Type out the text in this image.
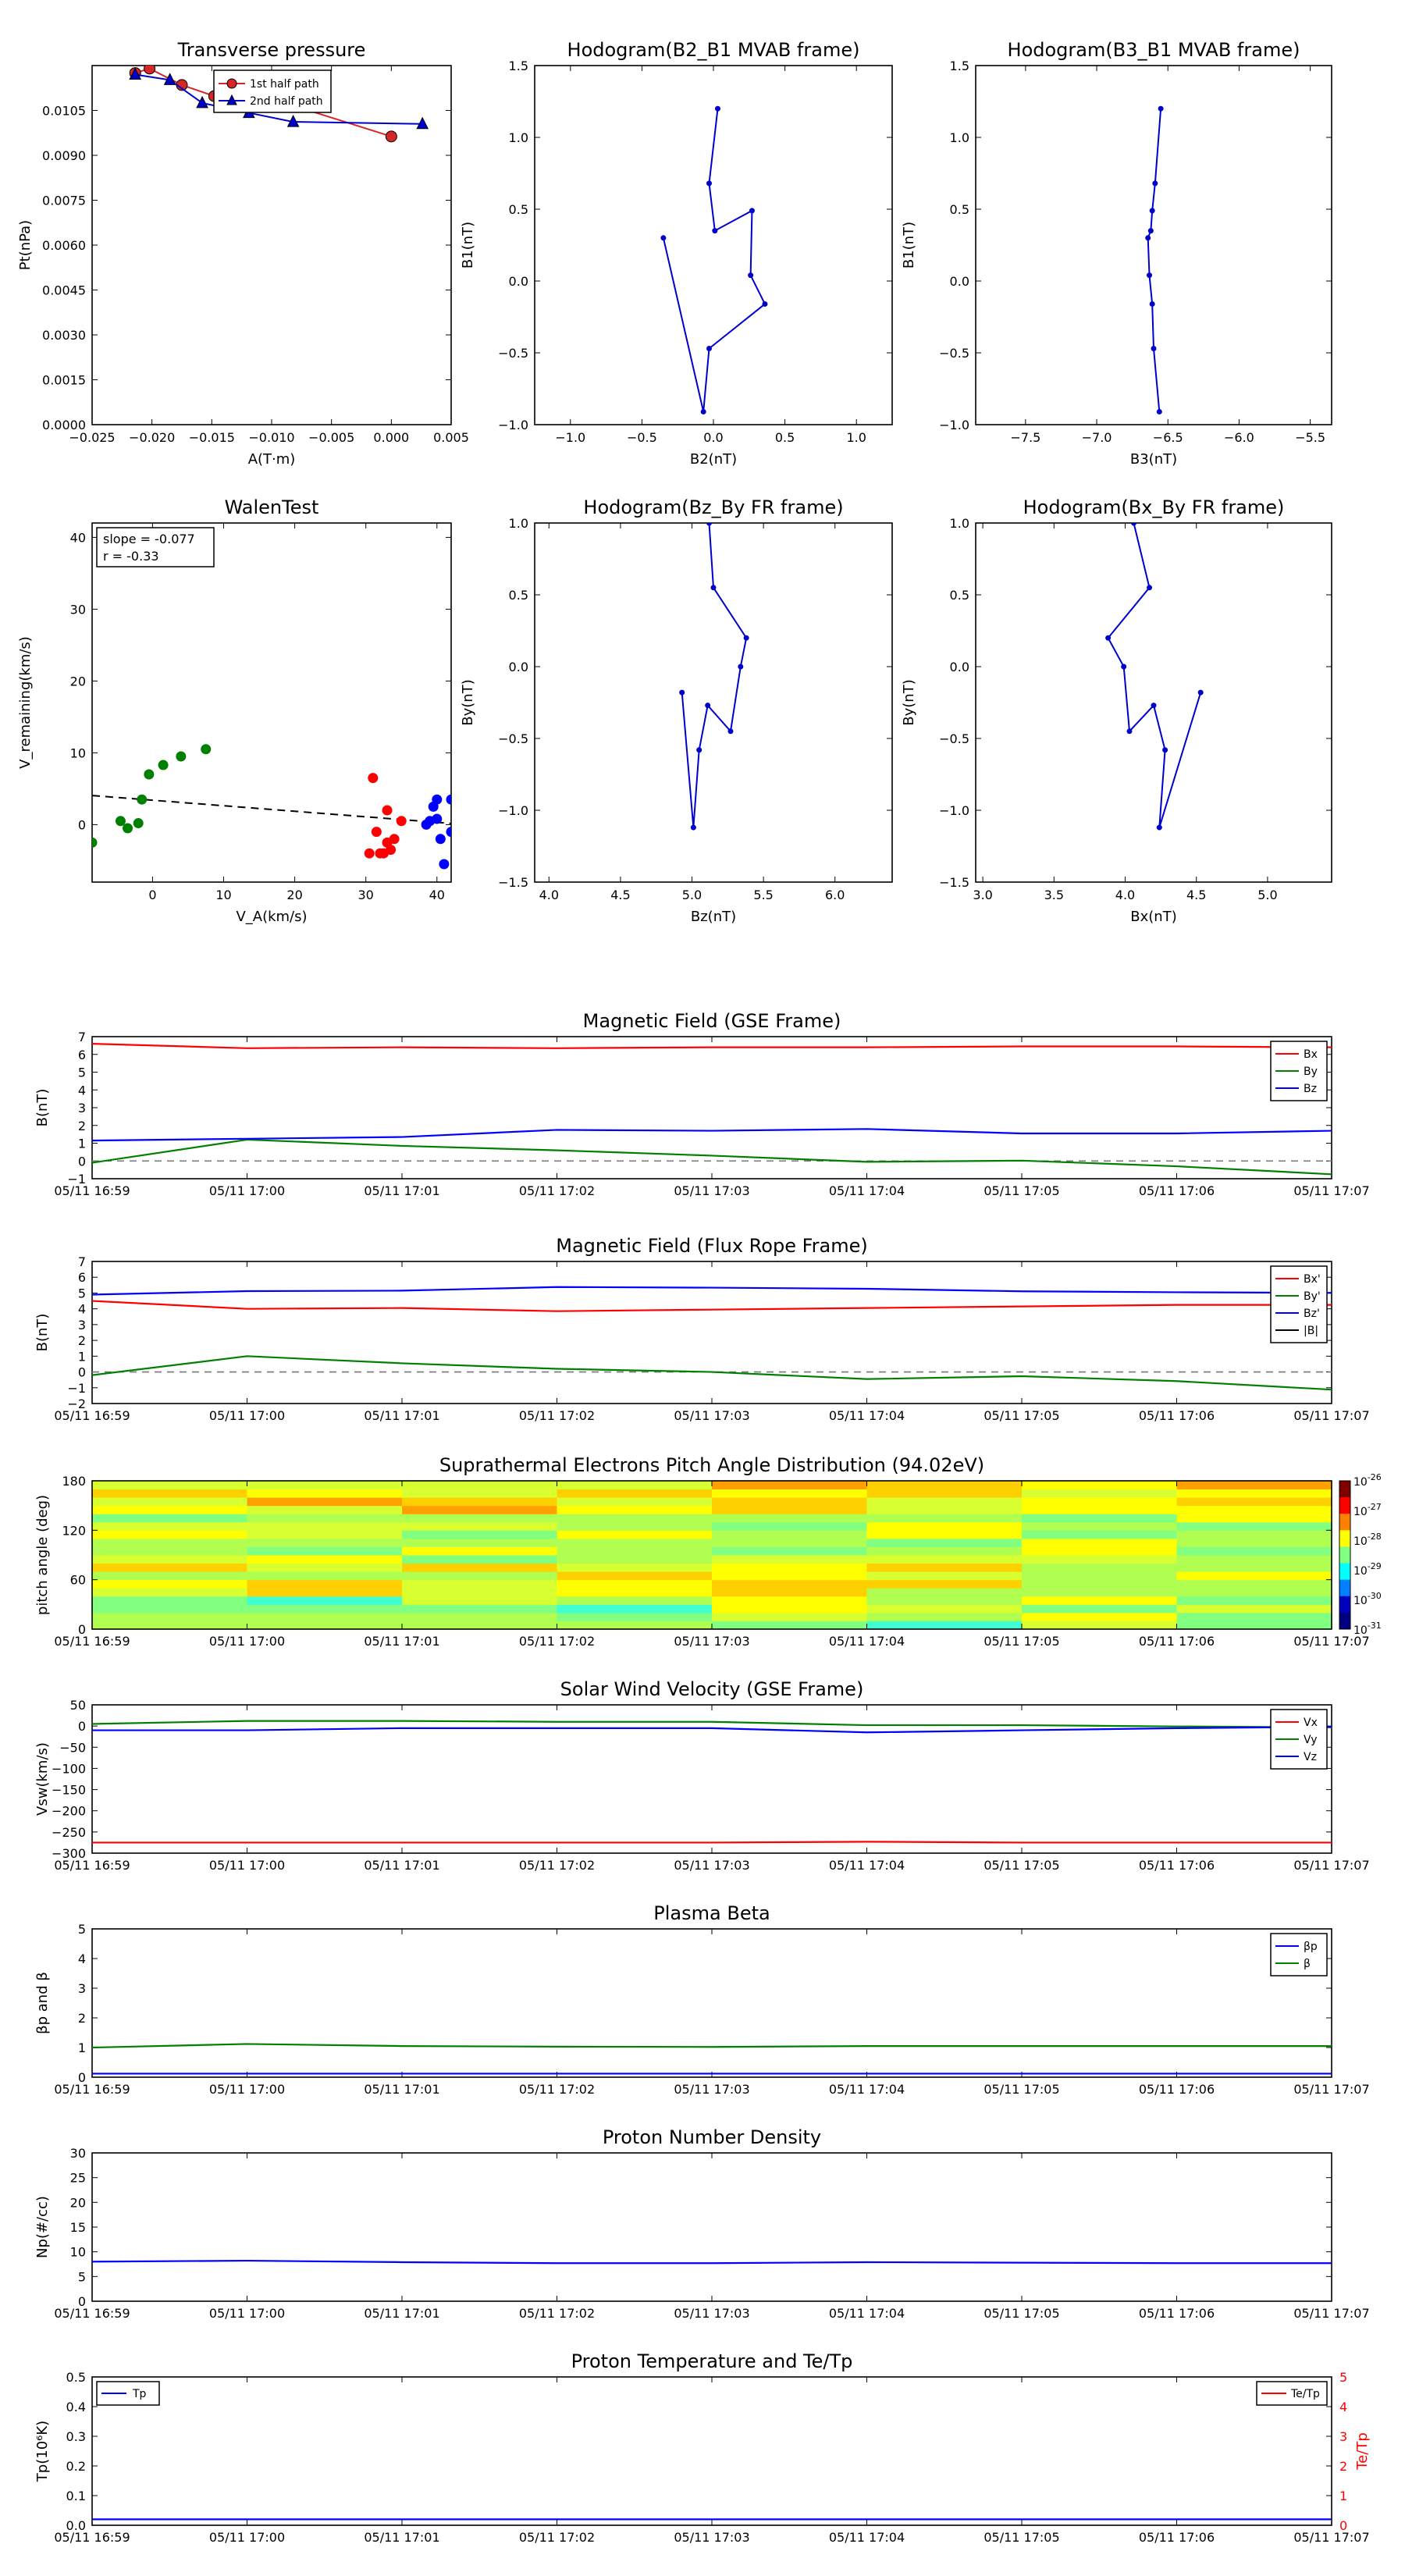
Transverse pressure
−0.025 −0.020 −0.015 −0.010 −0.005 0.000 0.005
0.0000
0.0015
0.0030
0.0045
0.0060
0.0075
0.0090
0.0105
A(T·m)
Pt(nPa)
1st half path
2nd half path
Hodogram(B2_B1 MVAB frame)
−1.0	−0.5	0.0	0.5	1.0
−1.0
−0.5
0.0
0.5
1.0
1.5
B2(nT)
B1(nT)
Hodogram(B3_B1 MVAB frame)
−7.5	−7.0	−6.5	−6.0	−5.5
−1.0
−0.5
0.0
0.5
1.0
1.5
B3(nT)
B1(nT)
WalenTest
0	10	20	30	40
0
10
20
30
40
V_A(km/s)
V_remaining(km/s)
slope = -0.077
r = -0.33
Hodogram(Bz_By FR frame)
4.0	4.5	5.0	5.5	6.0
−1.5
−1.0
−0.5
0.0
0.5
1.0
Bz(nT)
By(nT)
Hodogram(Bx_By FR frame)
3.0	3.5	4.0	4.5	5.0
−1.5
−1.0
−0.5
0.0
0.5
1.0
Bx(nT)
By(nT)
Magnetic Field (GSE Frame)
05/11 16:59	05/11 17:00	05/11 17:01	05/11 17:02	05/11 17:03	05/11 17:04	05/11 17:05	05/11 17:06	05/11 17:07
−1
0
1
2
3
4
5
6
7
B(nT)
Bx
By
Bz
Magnetic Field (Flux Rope Frame)
05/11 16:59	05/11 17:00	05/11 17:01	05/11 17:02	05/11 17:03	05/11 17:04	05/11 17:05	05/11 17:06	05/11 17:07
−2
−1
0
1
2
3
4
5
6
7
B(nT)
Bx'
By'
Bz'
|B|
Suprathermal Electrons Pitch Angle Distribution (94.02eV)
$10^{-26}$
$10^{-27}$
$10^{-28}$
$10^{-29}$
$10^{-30}$
$10^{-31}$
05/11 16:59	05/11 17:00	05/11 17:01	05/11 17:02	05/11 17:03	05/11 17:04	05/11 17:05	05/11 17:06	05/11 17:07
0
60
120
180
pitch angle (deg)
Solar Wind Velocity (GSE Frame)
05/11 16:59	05/11 17:00	05/11 17:01	05/11 17:02	05/11 17:03	05/11 17:04	05/11 17:05	05/11 17:06	05/11 17:07
−300
−250
−200
−150
−100
−50
0
50
Vsw(km/s)
Vx
Vy
Vz
Plasma Beta
05/11 16:59	05/11 17:00	05/11 17:01	05/11 17:02	05/11 17:03	05/11 17:04	05/11 17:05	05/11 17:06	05/11 17:07
0
1
2
3
4
5
βp and β
βp
β
Proton Number Density
05/11 16:59	05/11 17:00	05/11 17:01	05/11 17:02	05/11 17:03	05/11 17:04	05/11 17:05	05/11 17:06	05/11 17:07
0
5
10
15
20
25
30
Np(#/cc)
Proton Temperature and Te/Tp
05/11 16:59	05/11 17:00	05/11 17:01	05/11 17:02	05/11 17:03	05/11 17:04	05/11 17:05	05/11 17:06	05/11 17:07
0.0
0.1
0.2
0.3
0.4
0.5
Tp(10⁶K)
0
1
2
3
4
5
Te/Tp
Tp	Te/Tp
